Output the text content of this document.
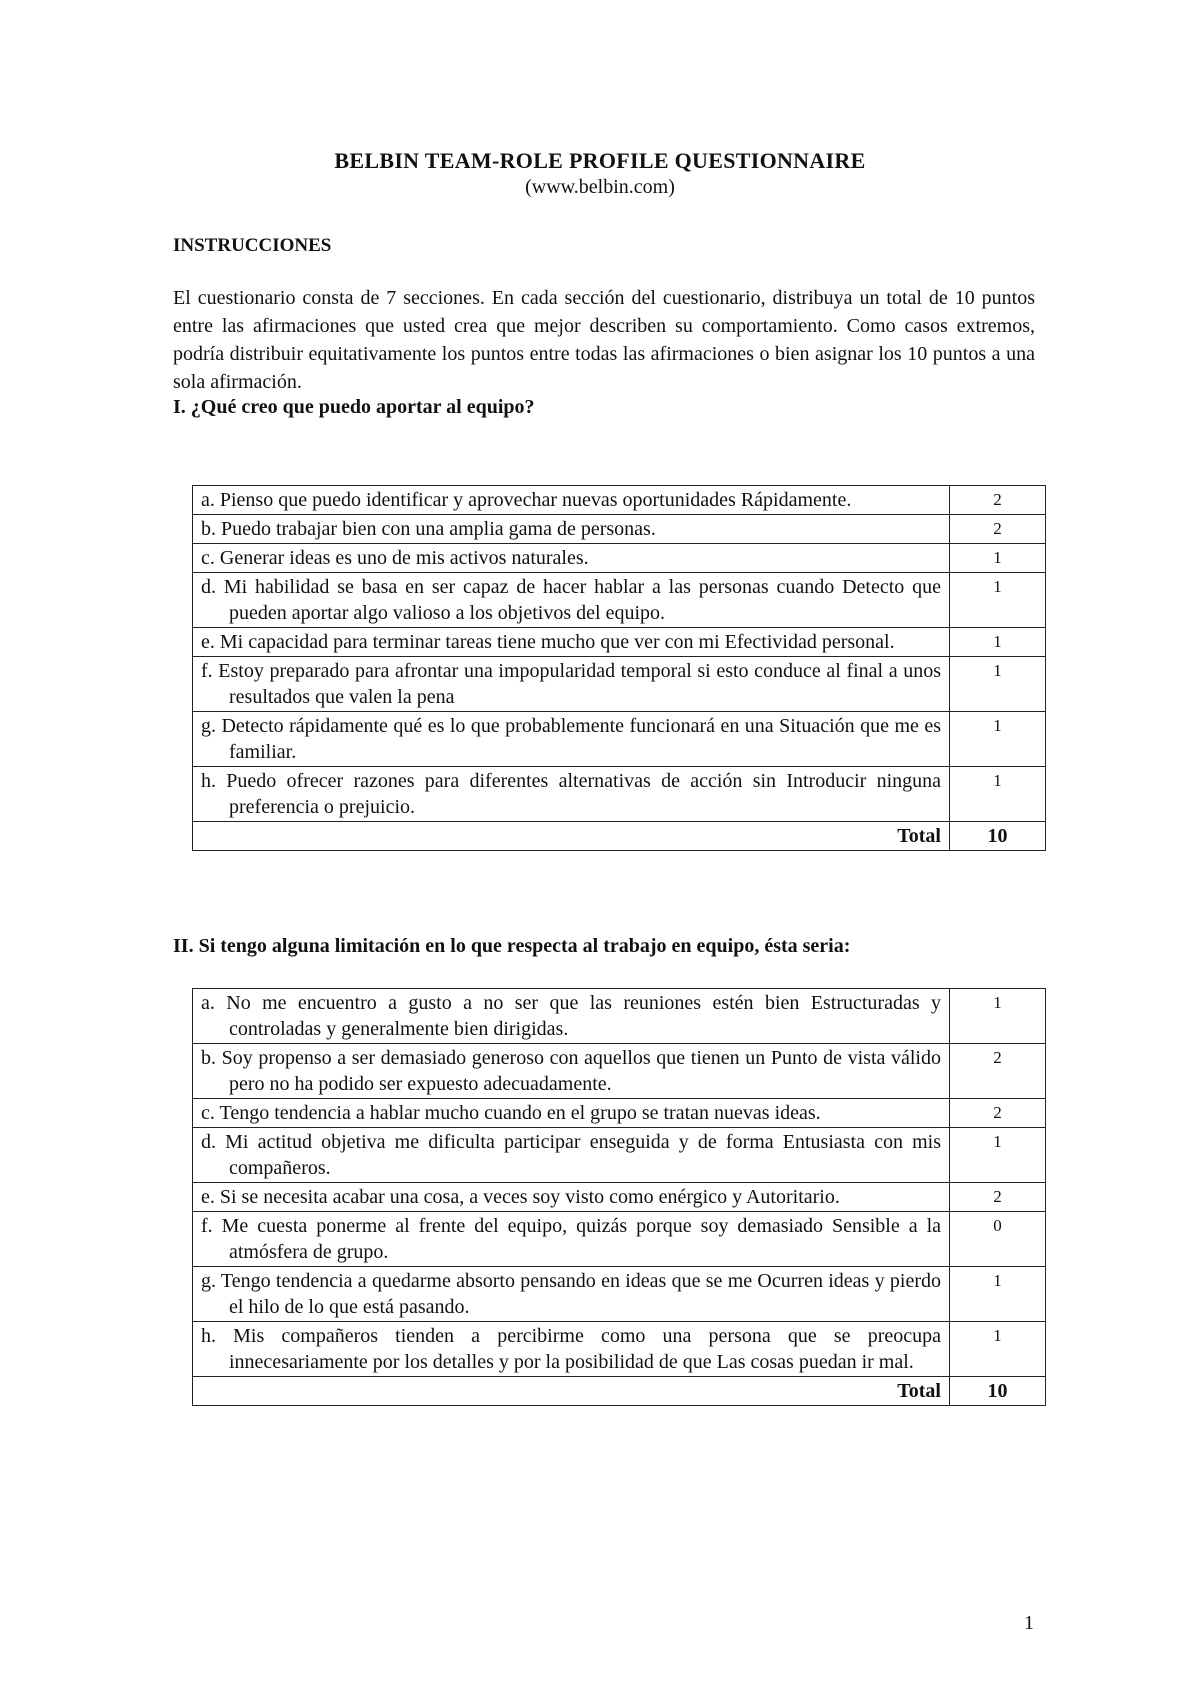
BELBIN TEAM-ROLE PROFILE QUESTIONNAIRE
(www.belbin.com)
INSTRUCCIONES
El cuestionario consta de 7 secciones. En cada sección del cuestionario, distribuya un total de 10 puntos entre las afirmaciones que usted crea que mejor describen su comportamiento. Como casos extremos, podría distribuir equitativamente los puntos entre todas las afirmaciones o bien asignar los 10 puntos a una sola afirmación.
I. ¿Qué creo que puedo aportar al equipo?
a. Pienso que puedo identificar y aprovechar nuevas oportunidades Rápidamente.	2

b. Puedo trabajar bien con una amplia gama de personas.	2

c. Generar ideas es uno de mis activos naturales.	1

d. Mi habilidad se basa en ser capaz de hacer hablar a las personas cuando Detecto que pueden aportar algo valioso a los objetivos del equipo.	1

e. Mi capacidad para terminar tareas tiene mucho que ver con mi Efectividad personal.	1

f. Estoy preparado para afrontar una impopularidad temporal si esto conduce al final a unos resultados que valen la pena	1

g. Detecto rápidamente qué es lo que probablemente funcionará en una Situación que me es familiar.	1

h. Puedo ofrecer razones para diferentes alternativas de acción sin Introducir ninguna preferencia o prejuicio.	1
Total	10
II. Si tengo alguna limitación en lo que respecta al trabajo en equipo, ésta seria:
a. No me encuentro a gusto a no ser que las reuniones estén bien Estructuradas y controladas y generalmente bien dirigidas.	1

b. Soy propenso a ser demasiado generoso con aquellos que tienen un Punto de vista válido pero no ha podido ser expuesto adecuadamente.	2

c. Tengo tendencia a hablar mucho cuando en el grupo se tratan nuevas ideas.	2

d. Mi actitud objetiva me dificulta participar enseguida y de forma Entusiasta con mis compañeros.	1

e. Si se necesita acabar una cosa, a veces soy visto como enérgico y Autoritario.	2

f. Me cuesta ponerme al frente del equipo, quizás porque soy demasiado Sensible a la atmósfera de grupo.	0

g. Tengo tendencia a quedarme absorto pensando en ideas que se me Ocurren ideas y pierdo el hilo de lo que está pasando.	1

h. Mis compañeros tienden a percibirme como una persona que se preocupa innecesariamente por los detalles y por la posibilidad de que Las cosas puedan ir mal.	1
Total	10
1
